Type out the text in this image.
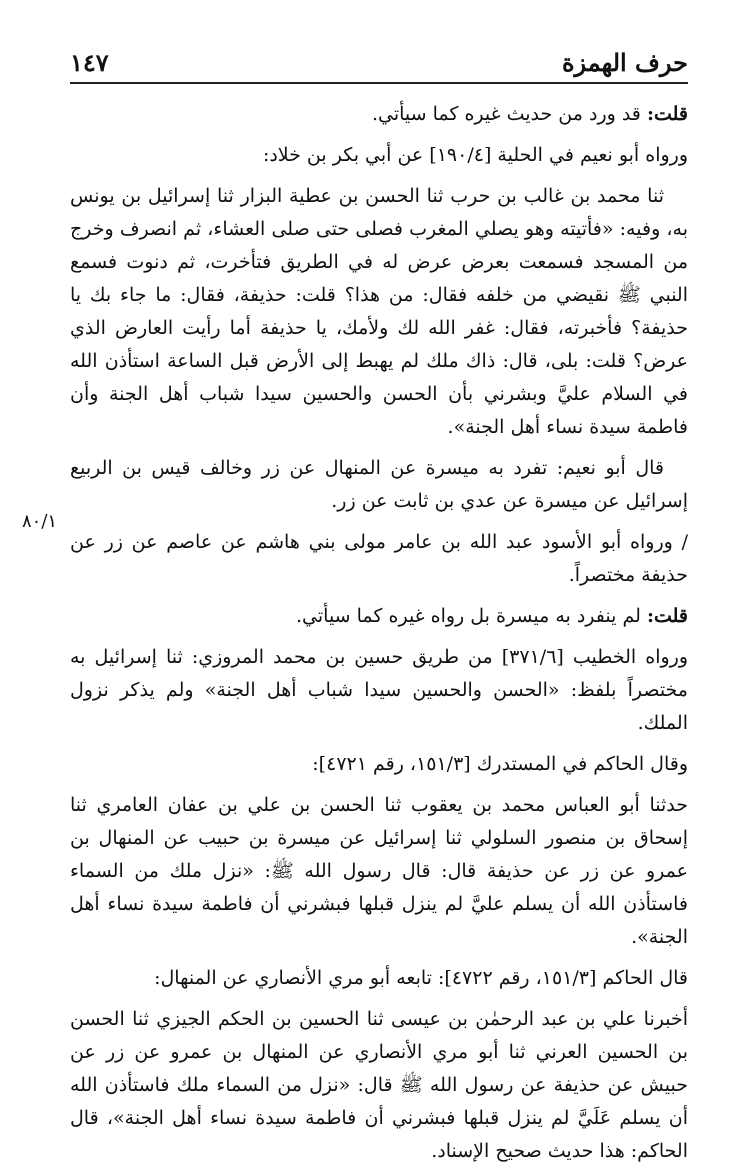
١٤٧	حرف الهمزة
٨٠/١

قلت: قد ورد من حديث غيره كما سيأتي.

ورواه أبو نعيم في الحلية [١٩٠/٤] عن أبي بكر بن خلاد:

ثنا محمد بن غالب بن حرب ثنا الحسن بن عطية البزار ثنا إسرائيل بن يونس به، وفيه: «فأتيته وهو يصلي المغرب فصلى حتى صلى العشاء، ثم انصرف وخرج من المسجد فسمعت بعرض عرض له في الطريق فتأخرت، ثم دنوت فسمع النبي ﷺ نقيضي من خلفه فقال: من هذا؟ قلت: حذيفة، فقال: ما جاء بك يا حذيفة؟ فأخبرته، فقال: غفر الله لك ولأمك، يا حذيفة أما رأيت العارض الذي عرض؟ قلت: بلى، قال: ذاك ملك لم يهبط إلى الأرض قبل الساعة استأذن الله في السلام عليَّ وبشرني بأن الحسن والحسين سيدا شباب أهل الجنة وأن فاطمة سيدة نساء أهل الجنة».

قال أبو نعيم: تفرد به ميسرة عن المنهال عن زر وخالف قيس بن الربيع إسرائيل عن ميسرة عن عدي بن ثابت عن زر.

/ ورواه أبو الأسود عبد الله بن عامر مولى بني هاشم عن عاصم عن زر عن حذيفة مختصراً.

قلت: لم ينفرد به ميسرة بل رواه غيره كما سيأتي.

ورواه الخطيب [٣٧١/٦] من طريق حسين بن محمد المروزي: ثنا إسرائيل به مختصراً بلفظ: «الحسن والحسين سيدا شباب أهل الجنة» ولم يذكر نزول الملك.

وقال الحاكم في المستدرك [١٥١/٣، رقم ٤٧٢١]:

حدثنا أبو العباس محمد بن يعقوب ثنا الحسن بن علي بن عفان العامري ثنا إسحاق بن منصور السلولي ثنا إسرائيل عن ميسرة بن حبيب عن المنهال بن عمرو عن زر عن حذيفة قال: قال رسول الله ﷺ: «نزل ملك من السماء فاستأذن الله أن يسلم عليَّ لم ينزل قبلها فبشرني أن فاطمة سيدة نساء أهل الجنة».

قال الحاكم [١٥١/٣، رقم ٤٧٢٢]: تابعه أبو مري الأنصاري عن المنهال:

أخبرنا علي بن عبد الرحمٰن بن عيسى ثنا الحسين بن الحكم الجيزي ثنا الحسن بن الحسين العرني ثنا أبو مري الأنصاري عن المنهال بن عمرو عن زر عن حبيش عن حذيفة عن رسول الله ﷺ قال: «نزل من السماء ملك فاستأذن الله أن يسلم عَلَيَّ لم ينزل قبلها فبشرني أن فاطمة سيدة نساء أهل الجنة»، قال الحاكم: هذا حديث صحيح الإسناد.
